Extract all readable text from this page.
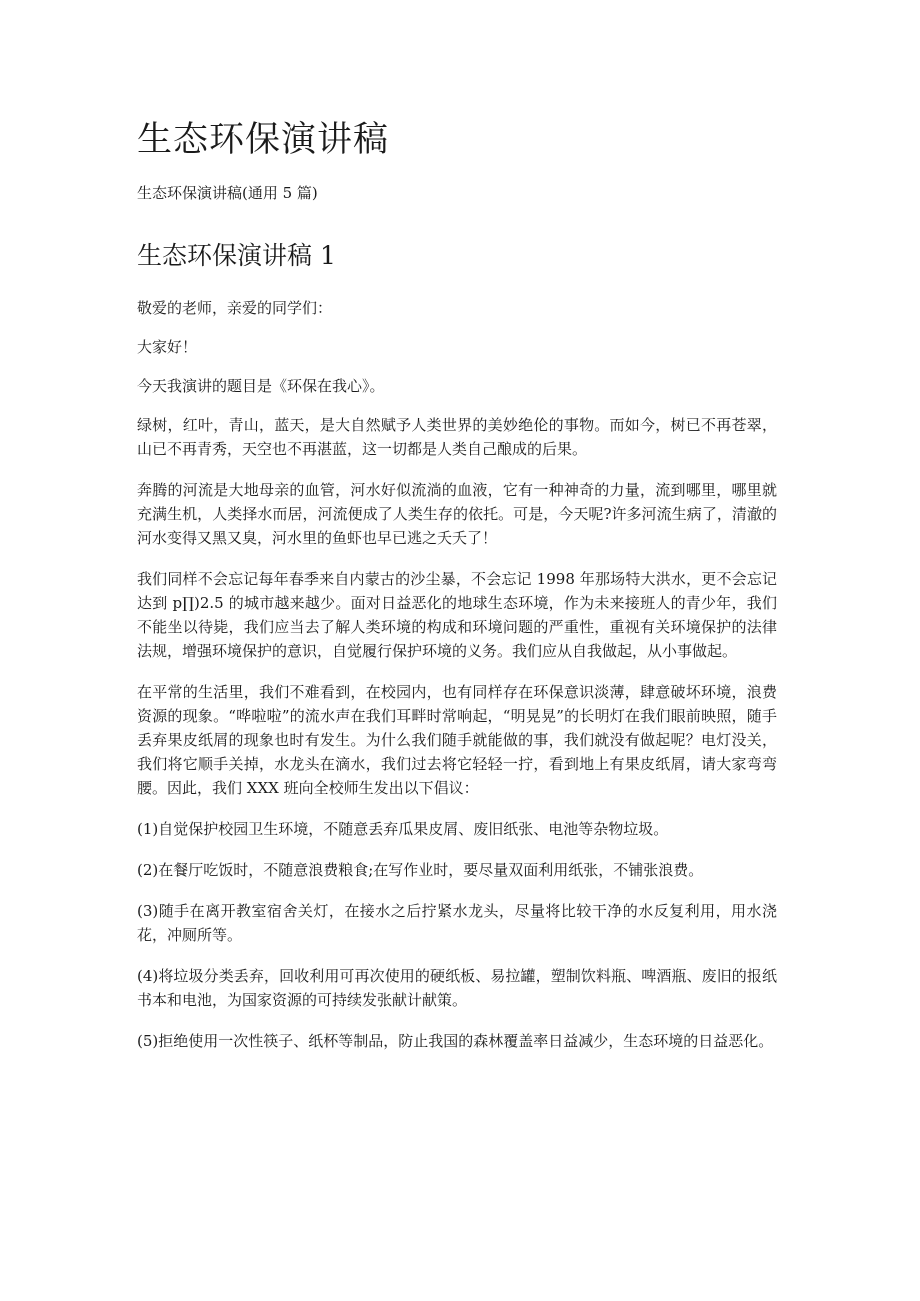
生态环保演讲稿

生态环保演讲稿(通用 5 篇)

生态环保演讲稿 1

敬爱的老师，亲爱的同学们：

大家好！

今天我演讲的题目是《环保在我心》。

绿树，红叶，青山，蓝天，是大自然赋予人类世界的美妙绝伦的事物。而如今，树已不再苍翠，山已不再青秀，天空也不再湛蓝，这一切都是人类自己酿成的后果。

奔腾的河流是大地母亲的血管，河水好似流淌的血液，它有一种神奇的力量，流到哪里，哪里就充满生机，人类择水而居，河流便成了人类生存的依托。可是，今天呢?许多河流生病了，清澈的河水变得又黑又臭，河水里的鱼虾也早已逃之夭夭了！

我们同样不会忘记每年春季来自内蒙古的沙尘暴，不会忘记 1998 年那场特大洪水，更不会忘记达到 p∏)2.5 的城市越来越少。面对日益恶化的地球生态环境，作为未来接班人的青少年，我们不能坐以待毙，我们应当去了解人类环境的构成和环境问题的严重性，重视有关环境保护的法律法规，增强环境保护的意识，自觉履行保护环境的义务。我们应从自我做起，从小事做起。

在平常的生活里，我们不难看到，在校园内，也有同样存在环保意识淡薄，肆意破坏环境，浪费资源的现象。“哗啦啦”的流水声在我们耳畔时常响起，“明晃晃”的长明灯在我们眼前映照，随手丢弃果皮纸屑的现象也时有发生。为什么我们随手就能做的事，我们就没有做起呢？电灯没关，我们将它顺手关掉，水龙头在滴水，我们过去将它轻轻一拧，看到地上有果皮纸屑，请大家弯弯腰。因此，我们 XXX 班向全校师生发出以下倡议：

(1)自觉保护校园卫生环境，不随意丢弃瓜果皮屑、废旧纸张、电池等杂物垃圾。

(2)在餐厅吃饭时，不随意浪费粮食;在写作业时，要尽量双面利用纸张，不铺张浪费。

(3)随手在离开教室宿舍关灯，在接水之后拧紧水龙头，尽量将比较干净的水反复利用，用水浇花，冲厕所等。

(4)将垃圾分类丢弃，回收利用可再次使用的硬纸板、易拉罐，塑制饮料瓶、啤酒瓶、废旧的报纸书本和电池，为国家资源的可持续发张献计献策。

(5)拒绝使用一次性筷子、纸杯等制品，防止我国的森林覆盖率日益减少，生态环境的日益恶化。
